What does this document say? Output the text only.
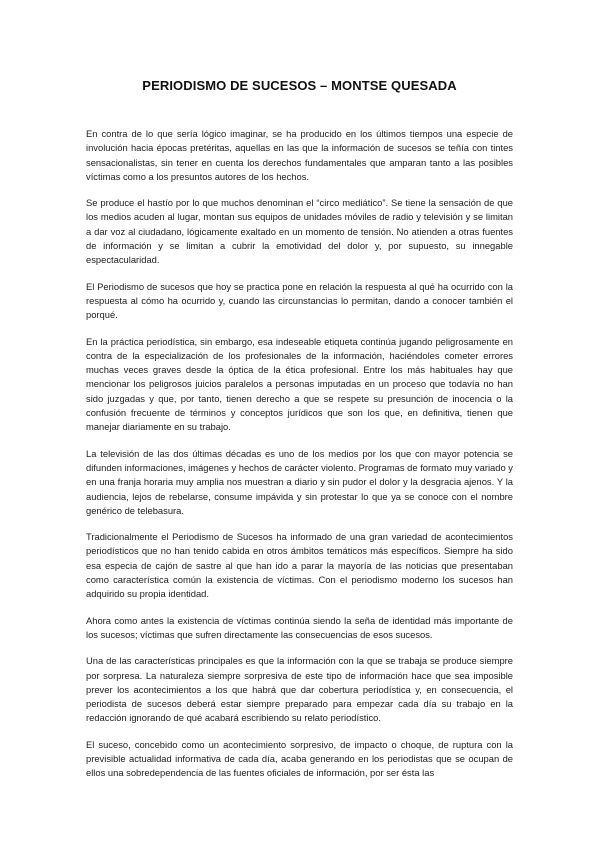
PERIODISMO DE SUCESOS – MONTSE QUESADA

En contra de lo que sería lógico imaginar, se ha producido en los últimos tiempos una especie de involución hacia épocas pretéritas, aquellas en las que la información de sucesos se teñía con tintes sensacionalistas, sin tener en cuenta los derechos fundamentales que amparan tanto a las posibles víctimas como a los presuntos autores de los hechos.

Se produce el hastío por lo que muchos denominan el “circo mediático”. Se tiene la sensación de que los medios acuden al lugar, montan sus equipos de unidades móviles de radio y televisión y se limitan a dar voz al ciudadano, lógicamente exaltado en un momento de tensión. No atienden a otras fuentes de información y se limitan a cubrir la emotividad del dolor y, por supuesto, su innegable espectacularidad.

El Periodismo de sucesos que hoy se practica pone en relación la respuesta al qué ha ocurrido con la respuesta al cómo ha ocurrido y, cuando las circunstancias lo permitan, dando a conocer también el porqué.

En la práctica periodística, sin embargo, esa indeseable etiqueta continúa jugando peligrosamente en contra de la especialización de los profesionales de la información, haciéndoles cometer errores muchas veces graves desde la óptica de la ética profesional. Entre los más habituales hay que mencionar los peligrosos juicios paralelos a personas imputadas en un proceso que todavía no han sido juzgadas y que, por tanto, tienen derecho a que se respete su presunción de inocencia o la confusión frecuente de términos y conceptos jurídicos que son los que, en definitiva, tienen que manejar diariamente en su trabajo.

La televisión de las dos últimas décadas es uno de los medios por los que con mayor potencia se difunden informaciones, imágenes y hechos de carácter violento. Programas de formato muy variado y en una franja horaria muy amplia nos muestran a diario y sin pudor el dolor y la desgracia ajenos. Y la audiencia, lejos de rebelarse, consume impávida y sin protestar lo que ya se conoce con el nombre genérico de telebasura.

Tradicionalmente el Periodismo de Sucesos ha informado de una gran variedad de acontecimientos periodísticos que no han tenido cabida en otros ámbitos temáticos más específicos. Siempre ha sido esa especia de cajón de sastre al que han ido a parar la mayoría de las noticias que presentaban como característica común la existencia de víctimas. Con el periodismo moderno los sucesos han adquirido su propia identidad.

Ahora como antes la existencia de víctimas continúa siendo la seña de identidad más importante de los sucesos; víctimas que sufren directamente las consecuencias de esos sucesos.

Una de las características principales es que la información con la que se trabaja se produce siempre por sorpresa. La naturaleza siempre sorpresiva de este tipo de información hace que sea imposible prever los acontecimientos a los que habrá que dar cobertura periodística y, en consecuencia, el periodista de sucesos deberá estar siempre preparado para empezar cada día su trabajo en la redacción ignorando de qué acabará escribiendo su relato periodístico.

El suceso, concebido como un acontecimiento sorpresivo, de impacto o choque, de ruptura con la previsible actualidad informativa de cada día, acaba generando en los periodistas que se ocupan de ellos una sobredependencia de las fuentes oficiales de información, por ser ésta las
